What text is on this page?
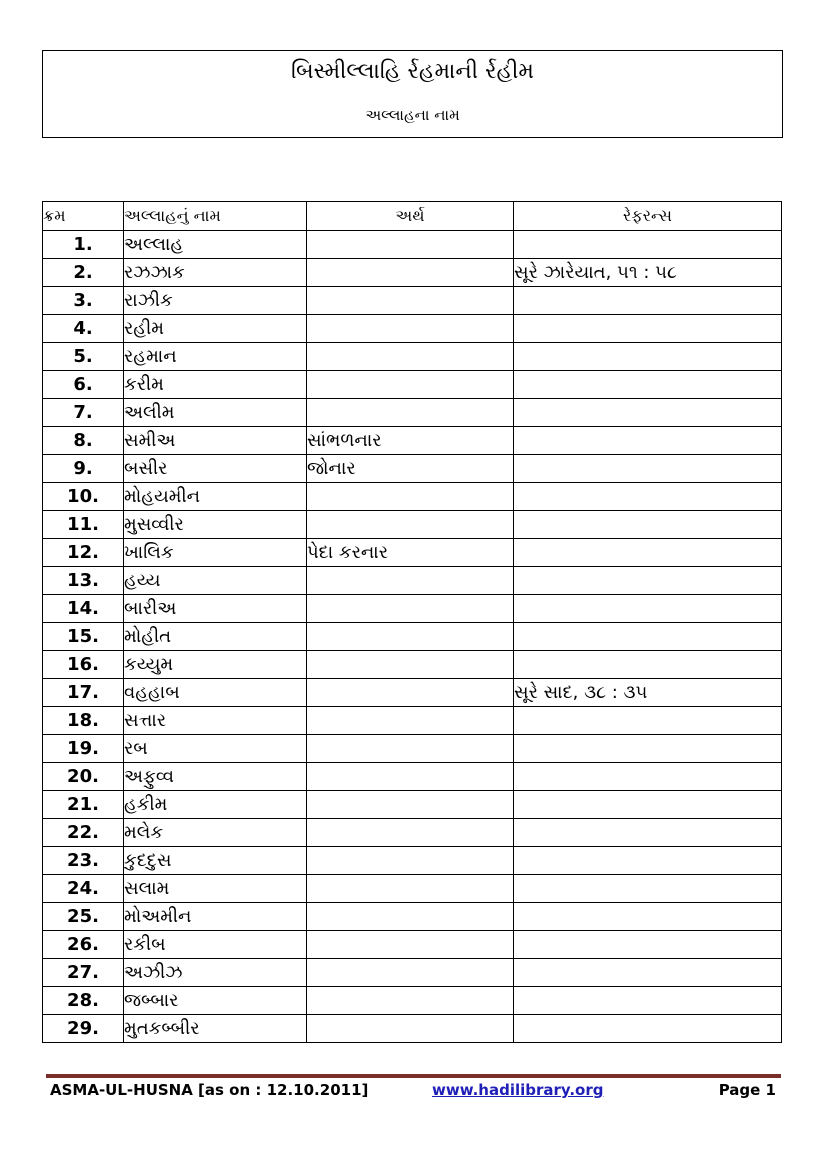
બિસ્મીલ્લાહિ ર્રહમાની ર્રહીમ
અલ્લાહના નામ
ક્રમ	અલ્લાહનું નામ	અર્થ	રેફરન્સ
1.	અલ્લાહ		
2.	રઝઝાક		સૂરે ઝારેયાત, ૫૧ : ૫૮
3.	રાઝીક		
4.	રહીમ		
5.	રહમાન		
6.	કરીમ		
7.	અલીમ		
8.	સમીઅ	સાંભળનાર	
9.	બસીર	જોનાર	
10.	મોહયમીન		
11.	મુસવ્વીર		
12.	ખાલિક	પેદા કરનાર	
13.	હય્ય		
14.	બારીઅ		
15.	મોહીત		
16.	કય્યુમ		
17.	વહહાબ		સૂરે સાદ, ૩૮ : ૩૫
18.	સત્તાર		
19.	રબ		
20.	અફુવ્વ		
21.	હકીમ		
22.	મલેક		
23.	કુદદુસ		
24.	સલામ		
25.	મોઅમીન		
26.	રકીબ		
27.	અઝીઝ		
28.	જબ્બાર		
29.	મુતકબ્બીર		
ASMA-UL-HUSNA [as on : 12.10.2011]	www.hadilibrary.org	Page 1
